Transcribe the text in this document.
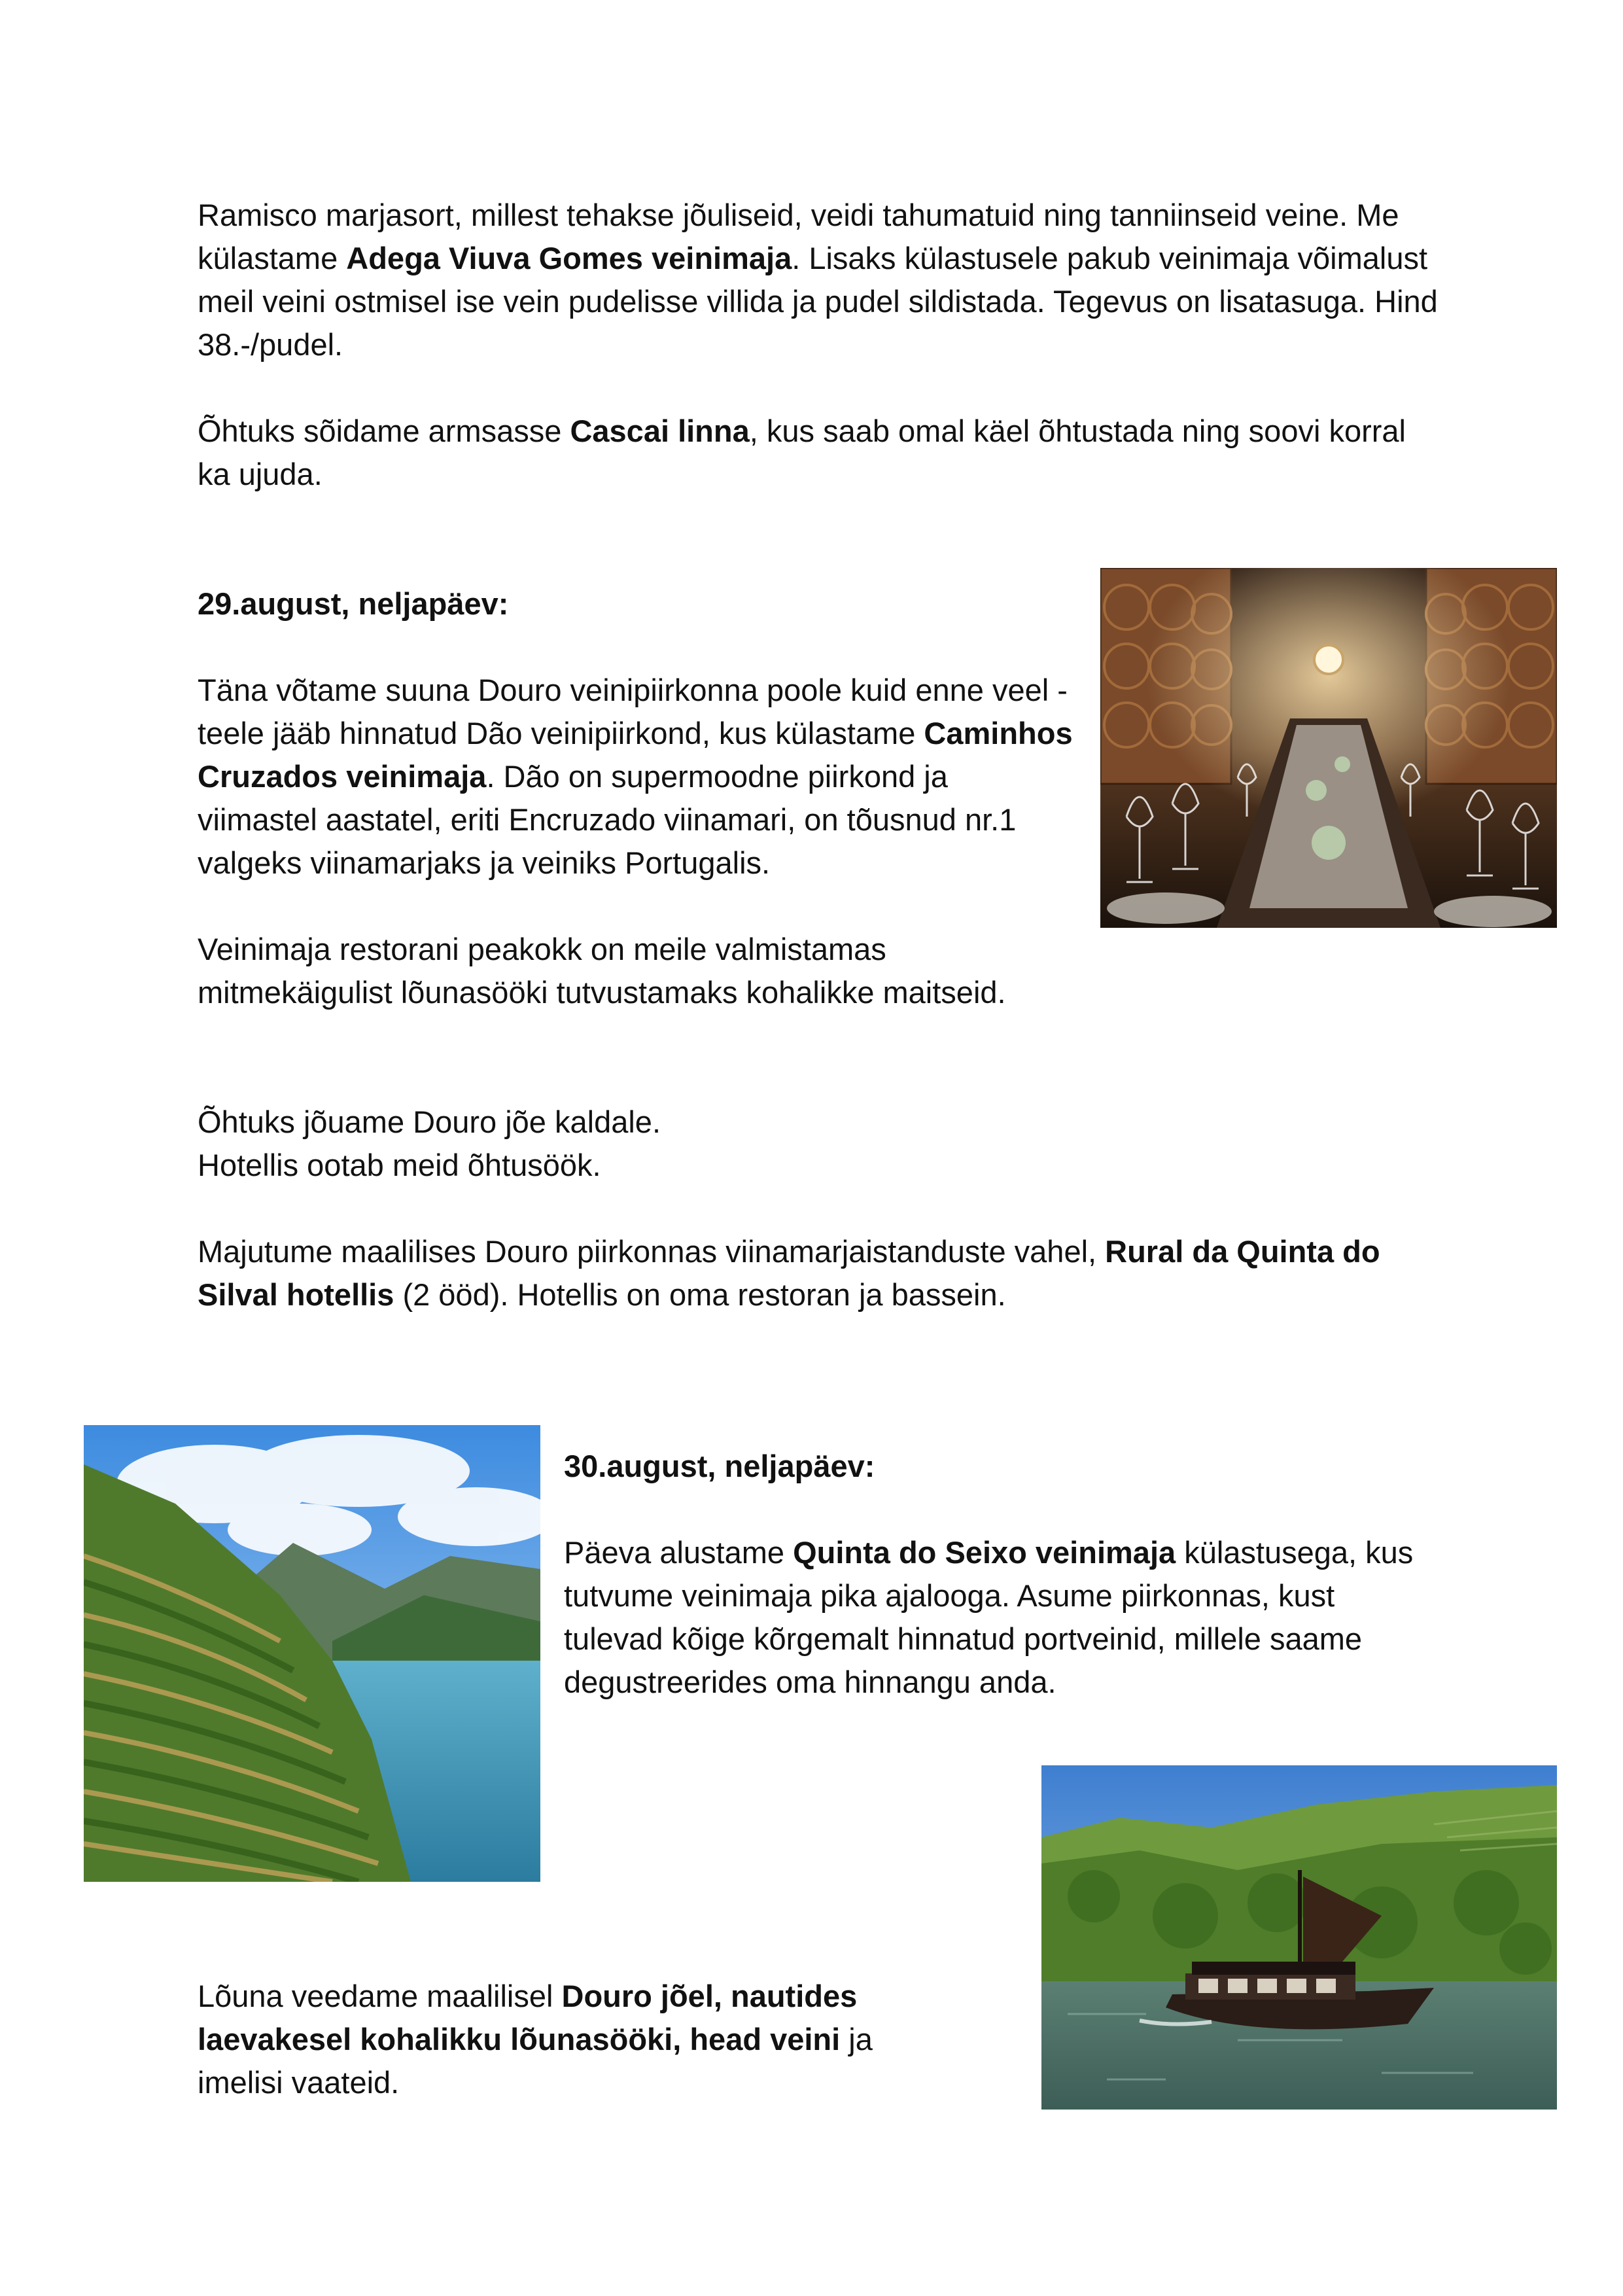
Ramisco marjasort, millest tehakse jõuliseid, veidi tahumatuid ning tanniinseid veine. Me külastame Adega Viuva Gomes veinimaja. Lisaks külastusele pakub veinimaja võimalust meil veini ostmisel ise vein pudelisse villida ja pudel sildistada. Tegevus on lisatasuga. Hind 38.-/pudel.
Õhtuks sõidame armsasse Cascai linna, kus saab omal käel õhtustada ning soovi korral ka ujuda.
29.august, neljapäev:
Täna võtame suuna Douro veinipiirkonna poole kuid enne veel - teele jääb hinnatud Dão veinipiirkond, kus külastame Caminhos Cruzados veinimaja. Dão on supermoodne piirkond ja viimastel aastatel, eriti Encruzado viinamari, on tõusnud nr.1 valgeks viinamarjaks ja veiniks Portugalis.
Veinimaja restorani peakokk on meile valmistamas mitmekäigulist lõunasööki tutvustamaks kohalikke maitseid.

Õhtuks jõuame Douro jõe kaldale.

Hotellis ootab meid õhtusöök.

Majutume maalilises Douro piirkonnas viinamarjaistanduste vahel, Rural da Quinta do Silval hotellis (2 ööd). Hotellis on oma restoran ja bassein.
30.august, neljapäev:
Päeva alustame Quinta do Seixo veinimaja külastusega, kus tutvume veinimaja pika ajalooga. Asume piirkonnas, kust tulevad kõige kõrgemalt hinnatud portveinid, millele saame degustreerides oma hinnangu anda.
Lõuna veedame maalilisel Douro jõel, nautides laevakesel kohalikku lõunasööki, head veini ja imelisi vaateid.
